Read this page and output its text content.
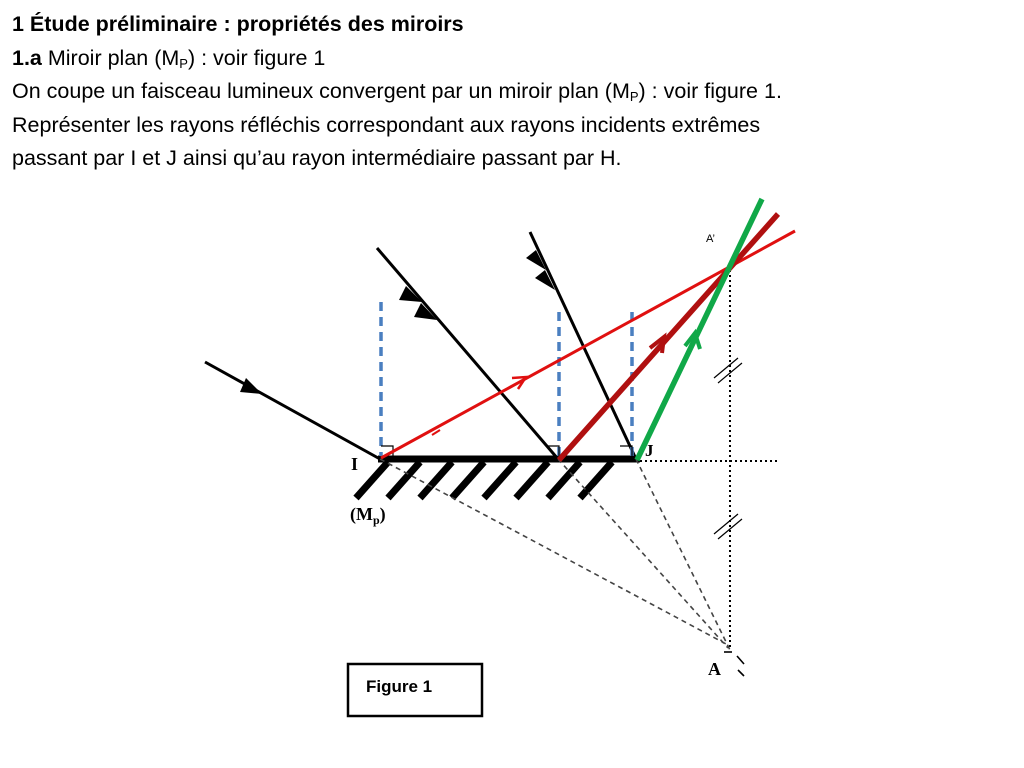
1 Étude préliminaire : propriétés des miroirs

1.a Miroir plan $(M_P)$ : voir figure 1

On coupe un faisceau lumineux convergent par un miroir plan $(M_P)$ : voir figure 1.

Représenter les rayons réfléchis correspondant aux rayons incidents extrêmes

passant par I et J ainsi qu’au rayon intermédiaire passant par H.

I
J
A
A’
$(M_p)$
Figure 1
